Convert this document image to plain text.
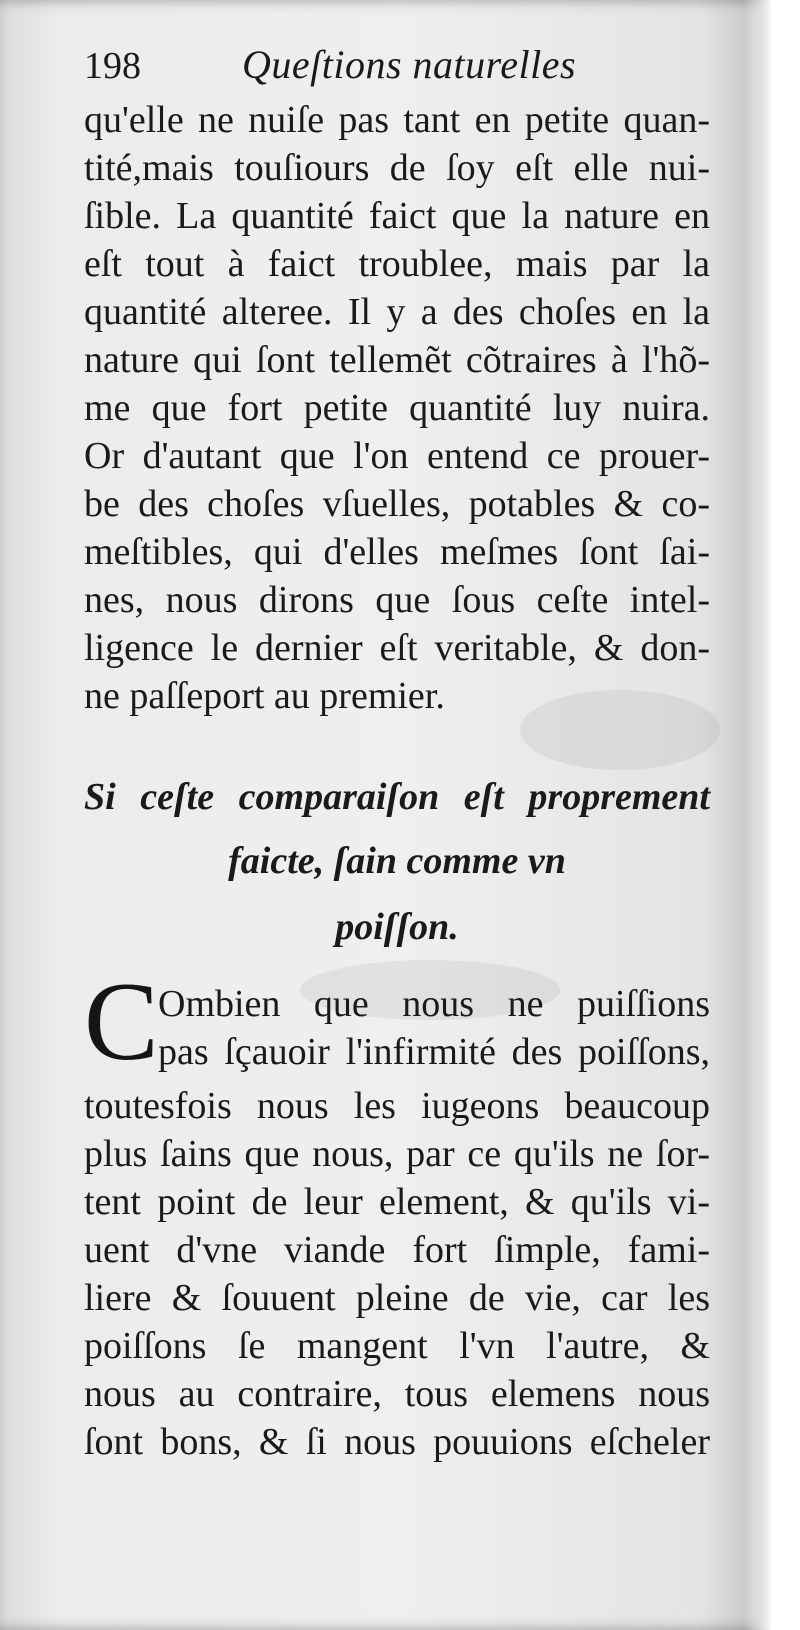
198	Queſtions naturelles
qu'elle ne nuiſe pas tant en petite quan-
tité,mais touſiours de ſoy eſt elle nui-
ſible. La quantité faict que la nature en
eſt tout à faict troublee, mais par la
quantité alteree. Il y a des choſes en la
nature qui ſont tellemẽt cõtraires à l'hõ-
me que fort petite quantité luy nuira.
Or d'autant que l'on entend ce prouer-
be des choſes vſuelles, potables & co-
meſtibles, qui d'elles meſmes ſont ſai-
nes, nous dirons que ſous ceſte intel-
ligence le dernier eſt veritable, & don-
ne paſſeport au premier.
Si ceſte comparaiſon eſt proprement
faicte, ſain comme vn
poiſſon.
C Ombien que nous ne puiſſions
pas ſçauoir l'infirmité des poiſſons,
toutesfois nous les iugeons beaucoup
plus ſains que nous, par ce qu'ils ne ſor-
tent point de leur element, & qu'ils vi-
uent d'vne viande fort ſimple, fami-
liere & ſouuent pleine de vie, car les
poiſſons ſe mangent l'vn l'autre, &
nous au contraire, tous elemens nous
ſont bons, & ſi nous pouuions eſcheler
